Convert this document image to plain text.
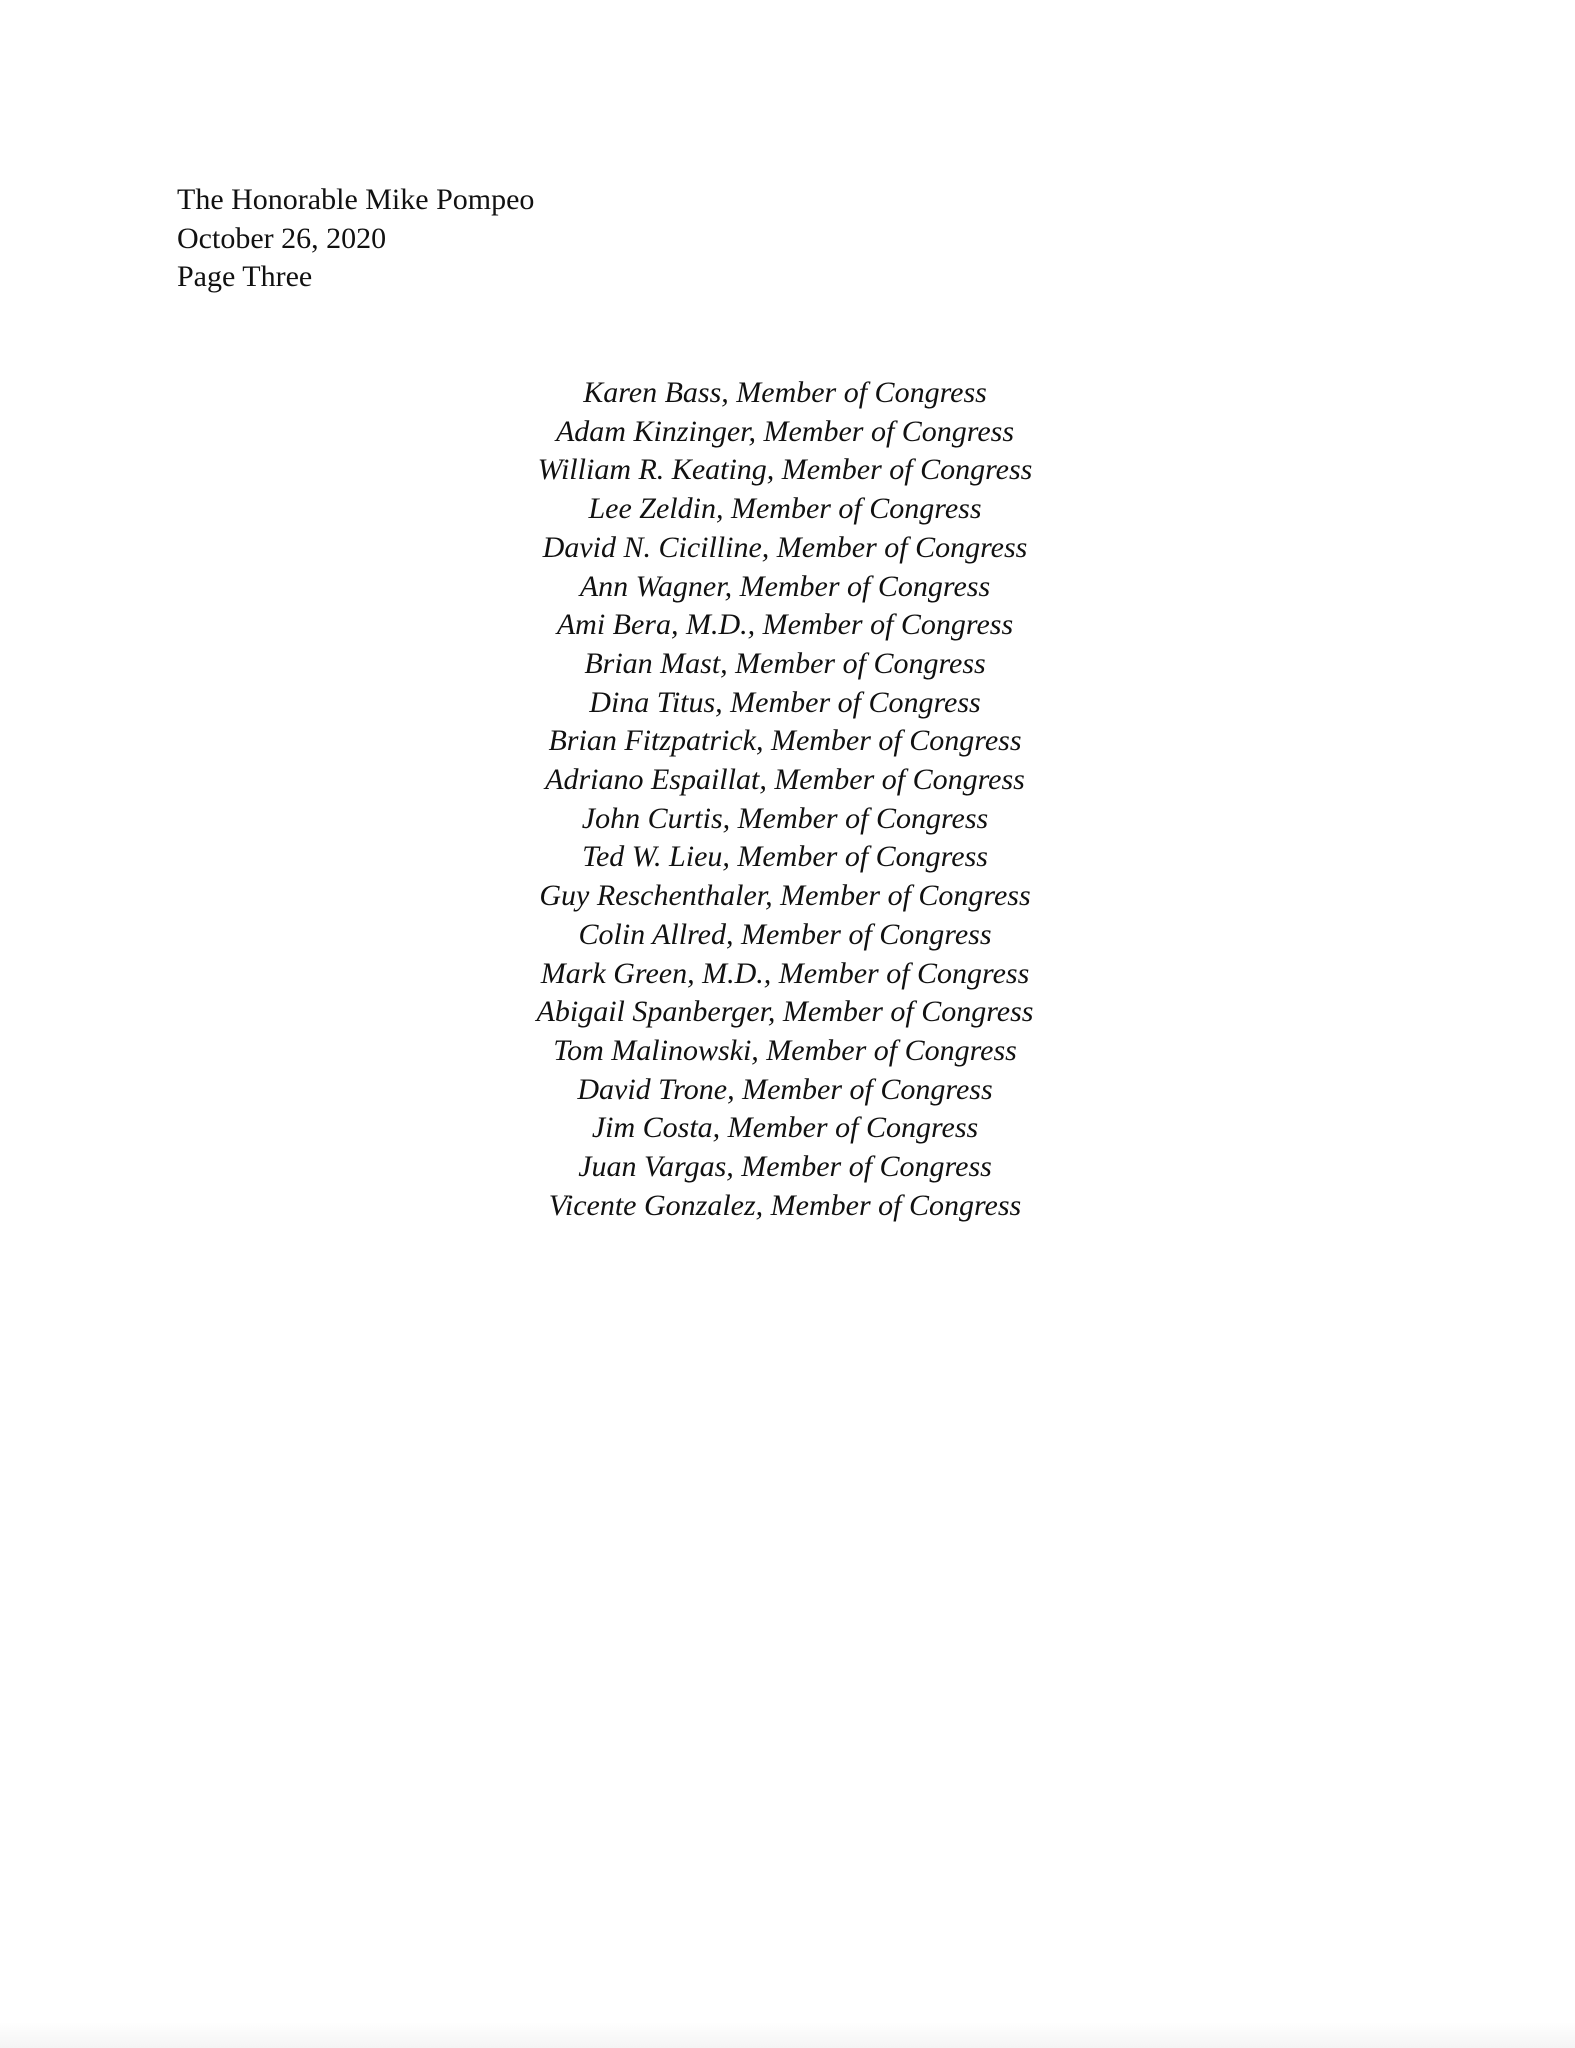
The Honorable Mike Pompeo
October 26, 2020
Page Three
Karen Bass, Member of Congress
Adam Kinzinger, Member of Congress
William R. Keating, Member of Congress
Lee Zeldin, Member of Congress
David N. Cicilline, Member of Congress
Ann Wagner, Member of Congress
Ami Bera, M.D., Member of Congress
Brian Mast, Member of Congress
Dina Titus, Member of Congress
Brian Fitzpatrick, Member of Congress
Adriano Espaillat, Member of Congress
John Curtis, Member of Congress
Ted W. Lieu, Member of Congress
Guy Reschenthaler, Member of Congress
Colin Allred, Member of Congress
Mark Green, M.D., Member of Congress
Abigail Spanberger, Member of Congress
Tom Malinowski, Member of Congress
David Trone, Member of Congress
Jim Costa, Member of Congress
Juan Vargas, Member of Congress
Vicente Gonzalez, Member of Congress
